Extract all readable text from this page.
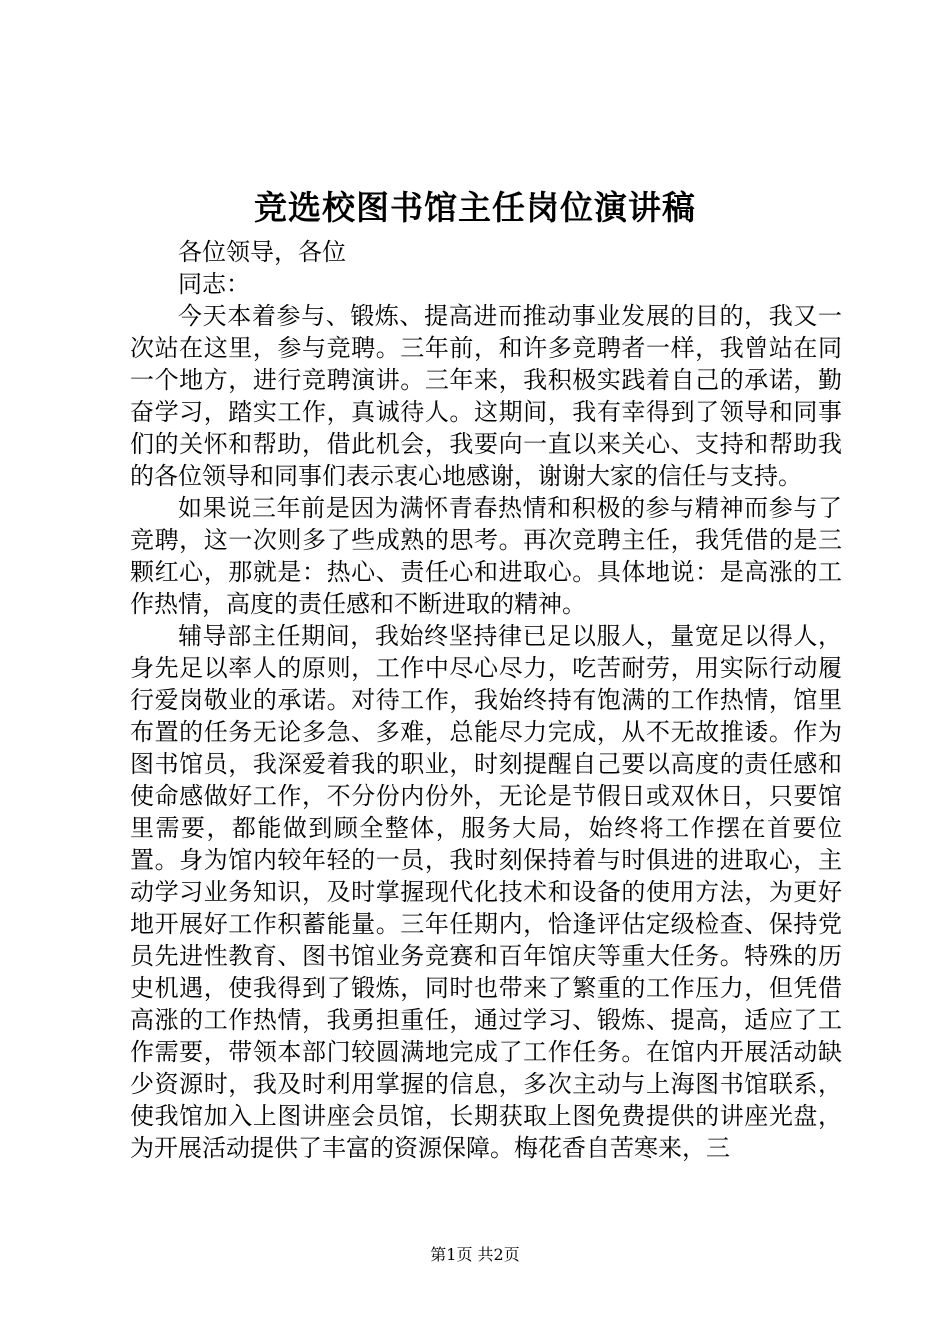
竞选校图书馆主任岗位演讲稿

各位领导，各位

同志：

今天本着参与、锻炼、提高进而推动事业发展的目的，我又一次站在这里，参与竞聘。三年前，和许多竞聘者一样，我曾站在同一个地方，进行竞聘演讲。三年来，我积极实践着自己的承诺，勤奋学习，踏实工作，真诚待人。这期间，我有幸得到了领导和同事们的关怀和帮助，借此机会，我要向一直以来关心、支持和帮助我的各位领导和同事们表示衷心地感谢，谢谢大家的信任与支持。

如果说三年前是因为满怀青春热情和积极的参与精神而参与了竞聘，这一次则多了些成熟的思考。再次竞聘主任，我凭借的是三颗红心，那就是：热心、责任心和进取心。具体地说：是高涨的工作热情，高度的责任感和不断进取的精神。

辅导部主任期间，我始终坚持律已足以服人，量宽足以得人，身先足以率人的原则，工作中尽心尽力，吃苦耐劳，用实际行动履行爱岗敬业的承诺。对待工作，我始终持有饱满的工作热情，馆里布置的任务无论多急、多难，总能尽力完成，从不无故推诿。作为图书馆员，我深爱着我的职业，时刻提醒自己要以高度的责任感和使命感做好工作，不分份内份外，无论是节假日或双休日，只要馆里需要，都能做到顾全整体，服务大局，始终将工作摆在首要位置。身为馆内较年轻的一员，我时刻保持着与时俱进的进取心，主动学习业务知识，及时掌握现代化技术和设备的使用方法，为更好地开展好工作积蓄能量。三年任期内，恰逢评估定级检查、保持党员先进性教育、图书馆业务竞赛和百年馆庆等重大任务。特殊的历史机遇，使我得到了锻炼，同时也带来了繁重的工作压力，但凭借高涨的工作热情，我勇担重任，通过学习、锻炼、提高，适应了工作需要，带领本部门较圆满地完成了工作任务。在馆内开展活动缺少资源时，我及时利用掌握的信息，多次主动与上海图书馆联系，使我馆加入上图讲座会员馆，长期获取上图免费提供的讲座光盘，为开展活动提供了丰富的资源保障。梅花香自苦寒来，三

第1页 共2页
